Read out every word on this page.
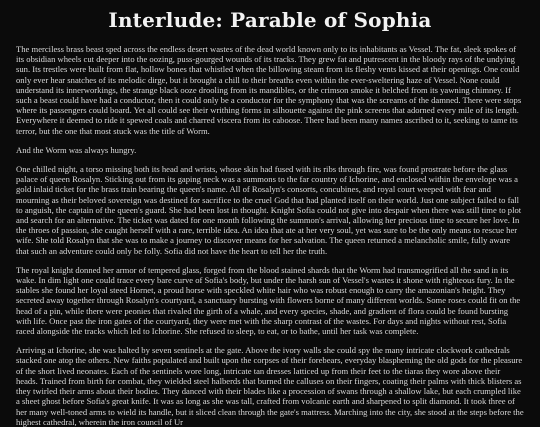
Interlude: Parable of Sophia

The merciless brass beast sped across the endless desert wastes of the dead world known only to its inhabitants as Vessel. The fat, sleek spokes of its obsidian wheels cut deeper into the oozing, puss-gourged wounds of its tracks. They grew fat and putrescent in the bloody rays of the undying sun. Its trestles were built from flat, hollow bones that whistled when the billowing steam from its fleshy vents kissed at their openings. One could only ever hear snatches of its melodic dirge, but it brought a chill to their breaths even within the ever-sweltering haze of Vessel. None could understand its innerworkings, the strange black ooze drooling from its mandibles, or the crimson smoke it belched from its yawning chimney. If such a beast could have had a conductor, then it could only be a conductor for the symphony that was the screams of the damned. There were stops where its passengers could board. Yet all could see their writhing forms in silhouette against the pink screens that adorned every mile of its length. Everywhere it deemed to ride it spewed coals and charred viscera from its caboose. There had been many names ascribed to it, seeking to tame its terror, but the one that most stuck was the title of Worm.

And the Worm was always hungry.

One chilled night, a torso missing both its head and wrists, whose skin had fused with its ribs through fire, was found prostrate before the glass palace of queen Rosalyn. Sticking out from its gaping neck was a summons to the far country of Ichorine, and enclosed within the envelope was a gold inlaid ticket for the brass train bearing the queen's name. All of Rosalyn's consorts, concubines, and royal court weeped with fear and mourning as their beloved sovereign was destined for sacrifice to the cruel God that had planted itself on their world. Just one subject failed to fall to anguish, the captain of the queen's guard. She had been lost in thought. Knight Sofia could not give into despair when there was still time to plot and search for an alternative. The ticket was dated for one month following the summon's arrival, allowing her precious time to secure her love. In the throes of passion, she caught herself with a rare, terrible idea. An idea that ate at her very soul, yet was sure to be the only means to rescue her wife. She told Rosalyn that she was to make a journey to discover means for her salvation. The queen returned a melancholic smile, fully aware that such an adventure could only be folly. Sofia did not have the heart to tell her the truth.

The royal knight donned her armor of tempered glass, forged from the blood stained shards that the Worm had transmogrified all the sand in its wake. In dim light one could trace every bare curve of Sofia's body, but under the harsh sun of Vessel's wastes it shone with righteous fury. In the stables she found her loyal steed Hornet, a proud horse with speckled white hair who was robust enough to carry the amazonian's height. They secreted away together through Rosalyn's courtyard, a sanctuary bursting with flowers borne of many different worlds. Some roses could fit on the head of a pin, while there were peonies that rivaled the girth of a whale, and every species, shade, and gradient of flora could be found bursting with life. Once past the iron gates of the courtyard, they were met with the sharp contrast of the wastes. For days and nights without rest, Sofia raced alongside the tracks which led to Ichorine. She refused to sleep, to eat, or to bathe, until her task was complete.

Arriving at Ichorine, she was halted by seven sentinels at the gate. Above the ivory walls she could spy the many intricate clockwork cathedrals stacked one atop the others. New faiths populated and built upon the corpses of their forebears, everyday blaspheming the old gods for the pleasure of the short lived neonates. Each of the sentinels wore long, intricate tan dresses latticed up from their feet to the tiaras they wore above their heads. Trained from birth for combat, they wielded steel halberds that burned the calluses on their fingers, coating their palms with thick blisters as they twirled their arms about their bodies. They danced with their blades like a procession of swans through a shallow lake, but each crumpled like a sheet ghost before Sofia's great knife. It was as long as she was tall, crafted from volcanic earth and sharpened to split diamond. It took three of her many well-toned arms to wield its handle, but it sliced clean through the gate's mattress. Marching into the city, she stood at the steps before the highest cathedral, wherein the iron council of Ur
